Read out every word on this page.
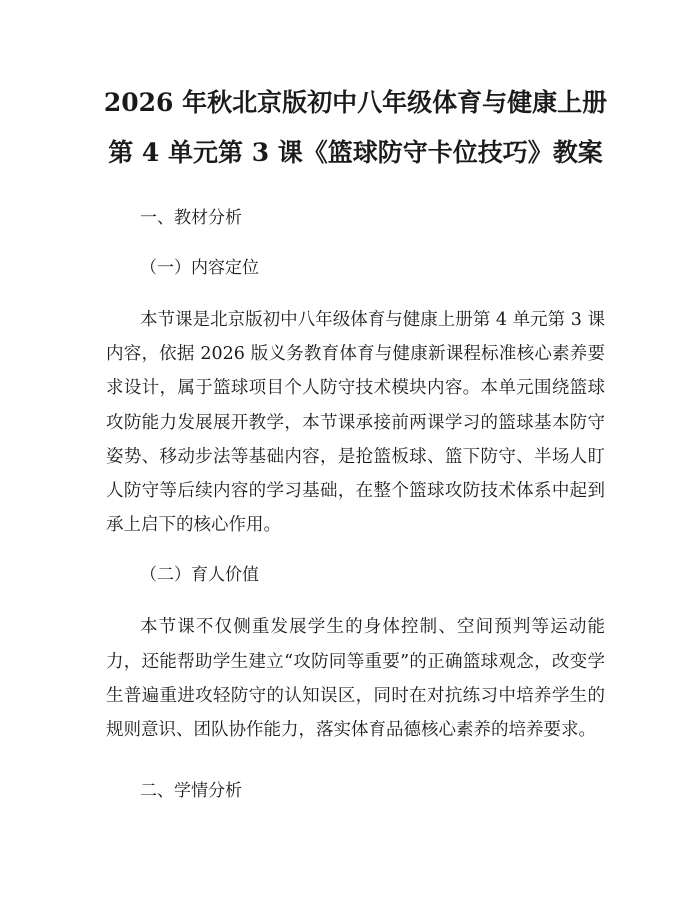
2026 年秋北京版初中八年级体育与健康上册
第 4 单元第 3 课《篮球防守卡位技巧》教案

一、教材分析

（一）内容定位

本节课是北京版初中八年级体育与健康上册第 4 单元第 3 课内容，依据 2026 版义务教育体育与健康新课程标准核心素养要求设计，属于篮球项目个人防守技术模块内容。本单元围绕篮球攻防能力发展展开教学，本节课承接前两课学习的篮球基本防守姿势、移动步法等基础内容，是抢篮板球、篮下防守、半场人盯人防守等后续内容的学习基础，在整个篮球攻防技术体系中起到承上启下的核心作用。

（二）育人价值

本节课不仅侧重发展学生的身体控制、空间预判等运动能力，还能帮助学生建立“攻防同等重要”的正确篮球观念，改变学生普遍重进攻轻防守的认知误区，同时在对抗练习中培养学生的规则意识、团队协作能力，落实体育品德核心素养的培养要求。

二、学情分析
